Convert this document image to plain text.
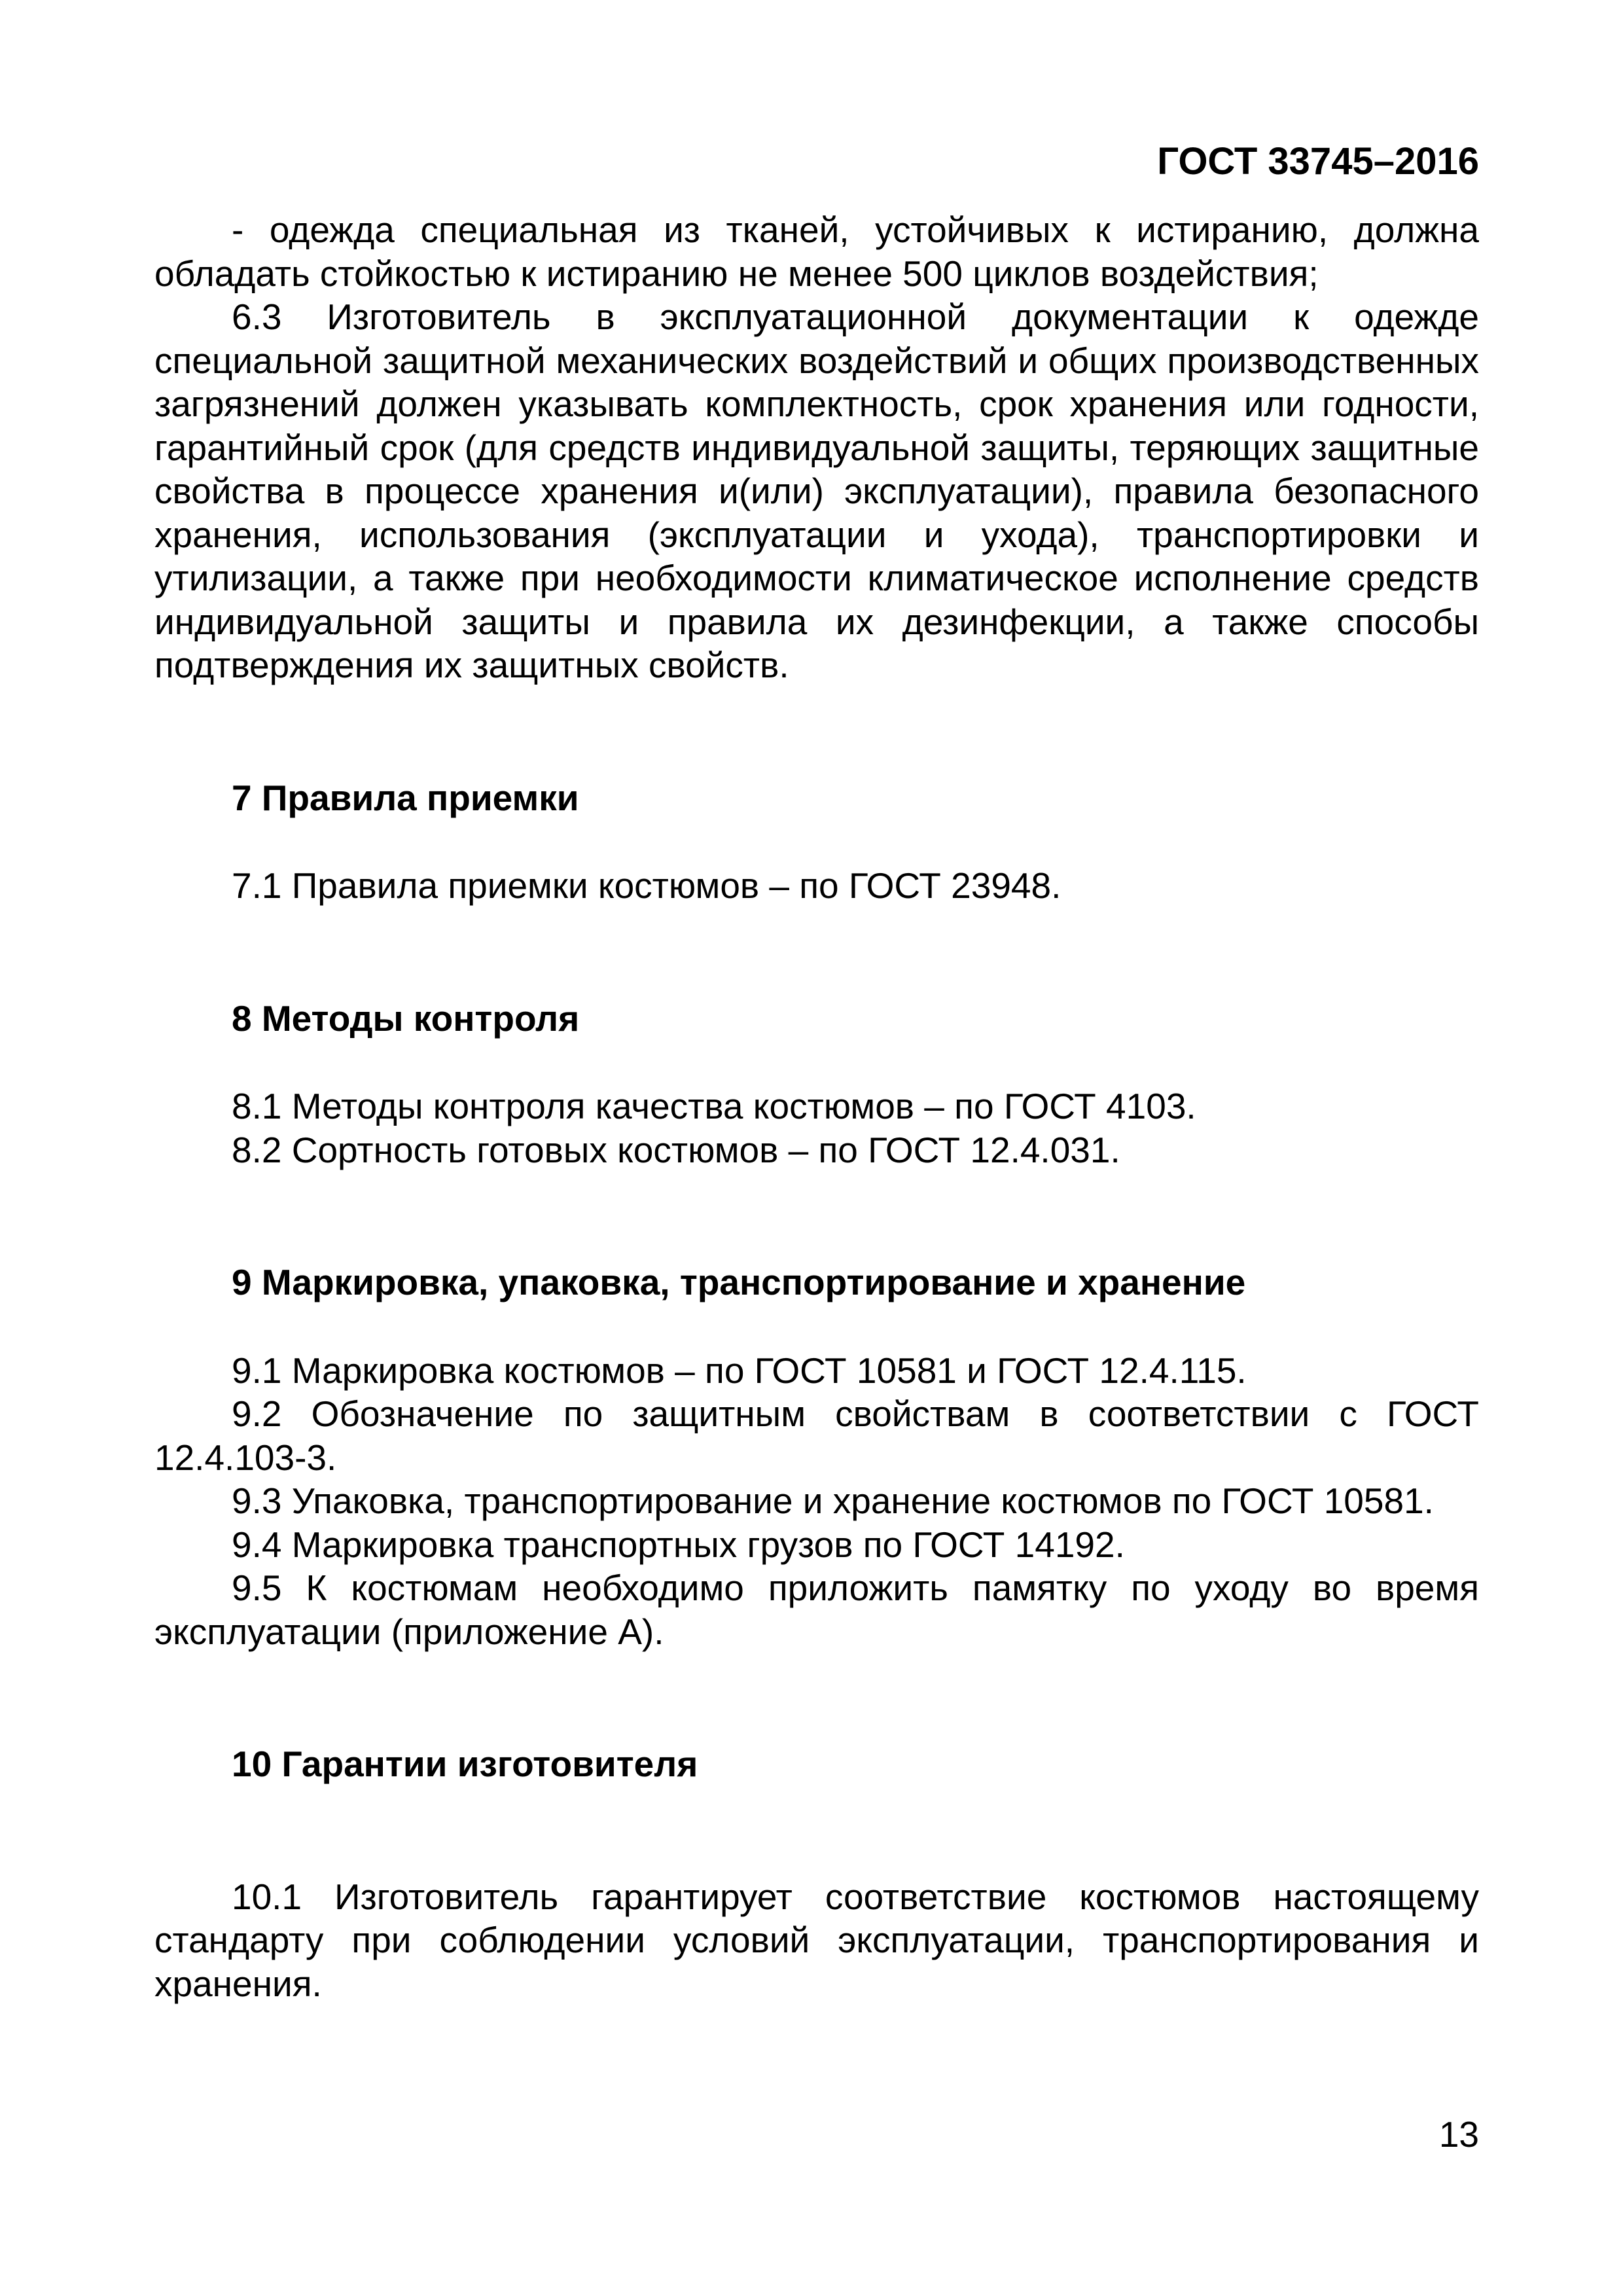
ГОСТ 33745–2016

- одежда специальная из тканей, устойчивых к истиранию, должна обладать стойкостью к истиранию не менее 500 циклов воздействия;

6.3 Изготовитель в эксплуатационной документации к одежде специальной защитной механических воздействий и общих производственных загрязнений должен указывать комплектность, срок хранения или годности, гарантийный срок (для средств индивидуальной защиты, теряющих защитные свойства в процессе хранения и(или) эксплуатации), правила безопасного хранения, использования (эксплуатации и ухода), транспортировки и утилизации, а также при необходимости климатическое исполнение средств индивидуальной защиты и правила их дезинфекции, а также способы подтверждения их защитных свойств.

7 Правила приемки

7.1 Правила приемки костюмов – по ГОСТ 23948.

8 Методы контроля

8.1 Методы контроля качества костюмов – по ГОСТ 4103.

8.2 Сортность готовых костюмов – по ГОСТ 12.4.031.

9 Маркировка, упаковка, транспортирование и хранение

9.1 Маркировка костюмов – по ГОСТ 10581 и ГОСТ 12.4.115.

9.2 Обозначение по защитным свойствам в соответствии с ГОСТ 12.4.103-3.

9.3 Упаковка, транспортирование и хранение костюмов по ГОСТ 10581.

9.4 Маркировка транспортных грузов по ГОСТ 14192.

9.5 К костюмам необходимо приложить памятку по уходу во время эксплуатации (приложение А).

10 Гарантии изготовителя

10.1 Изготовитель гарантирует соответствие костюмов настоящему стандарту при соблюдении условий эксплуатации, транспортирования и хранения.

13
